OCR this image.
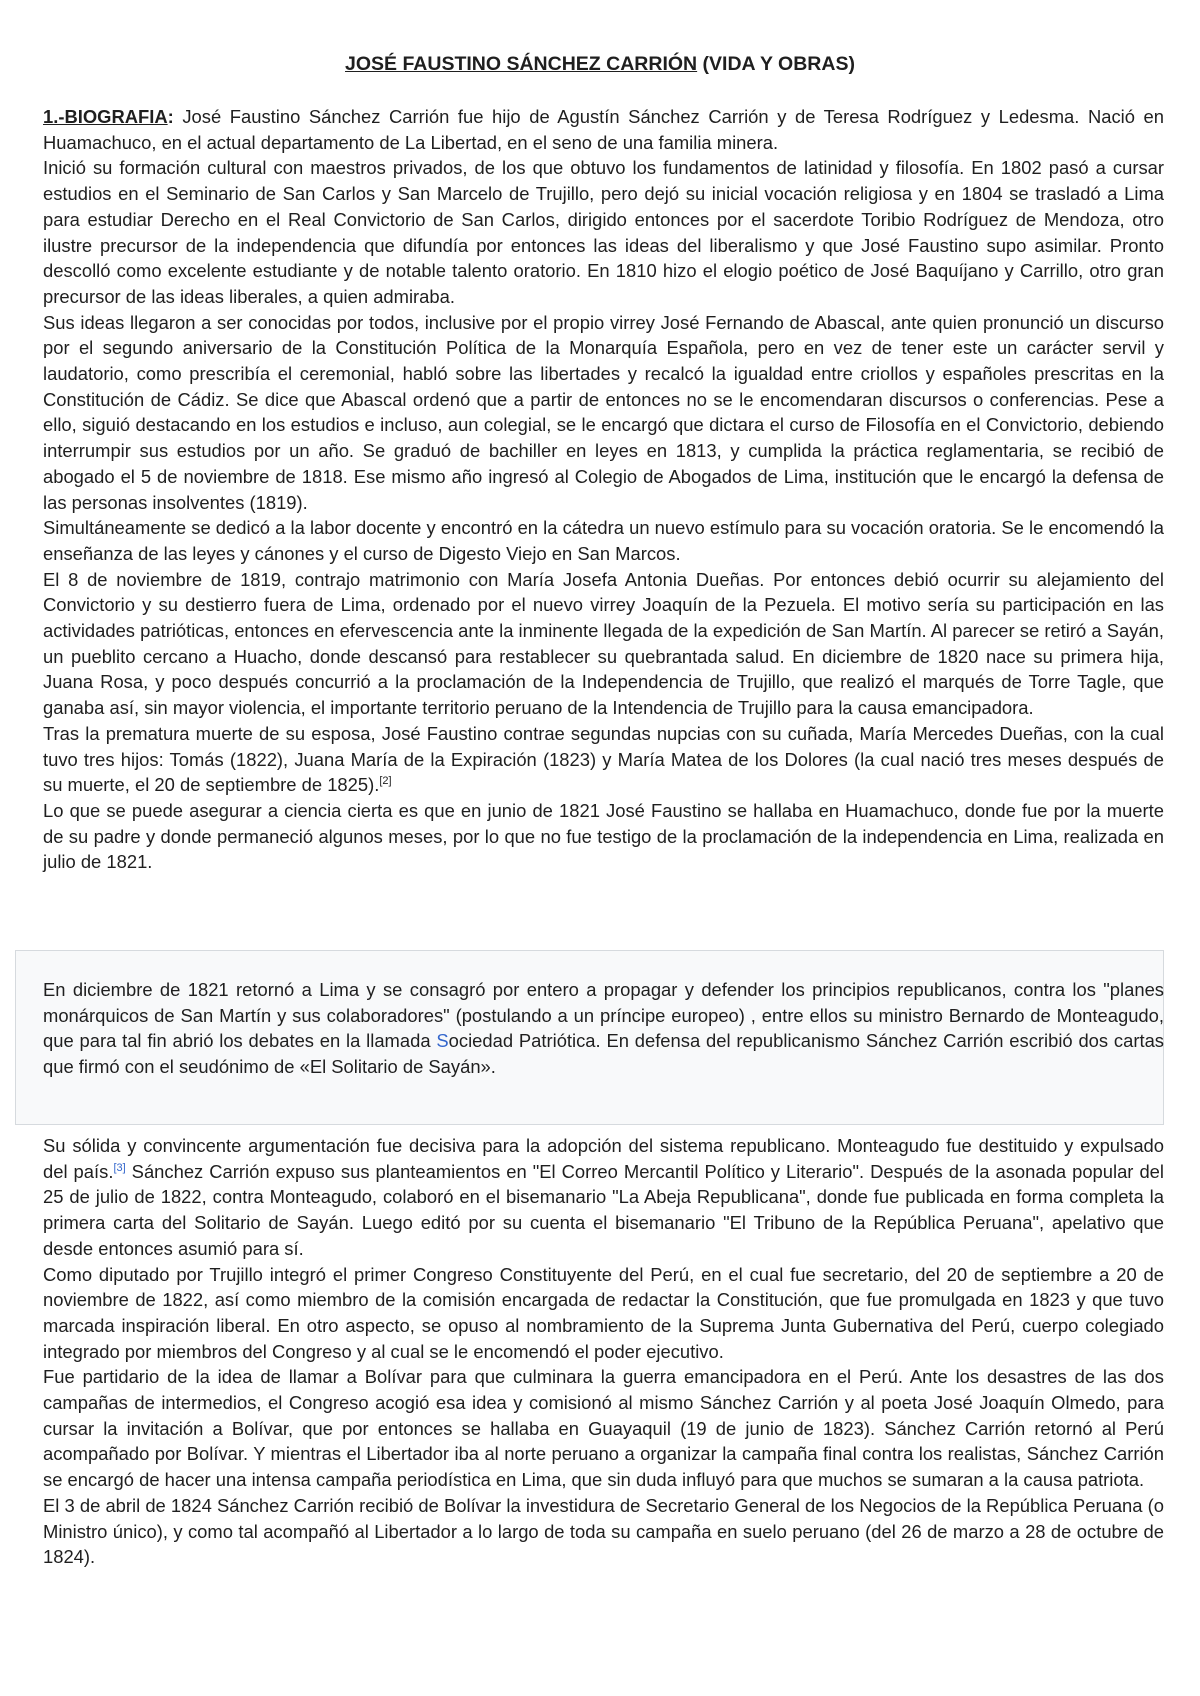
JOSÉ FAUSTINO SÁNCHEZ CARRIÓN (VIDA Y OBRAS)

1.-BIOGRAFIA: José Faustino Sánchez Carrión fue hijo de Agustín Sánchez Carrión y de Teresa Rodríguez y Ledesma. Nació en Huamachuco, en el actual departamento de La Libertad, en el seno de una familia minera.

Inició su formación cultural con maestros privados, de los que obtuvo los fundamentos de latinidad y filosofía. En 1802 pasó a cursar estudios en el Seminario de San Carlos y San Marcelo de Trujillo, pero dejó su inicial vocación religiosa y en 1804 se trasladó a Lima para estudiar Derecho en el Real Convictorio de San Carlos, dirigido entonces por el sacerdote Toribio Rodríguez de Mendoza, otro ilustre precursor de la independencia que difundía por entonces las ideas del liberalismo y que José Faustino supo asimilar. Pronto descolló como excelente estudiante y de notable talento oratorio. En 1810 hizo el elogio poético de José Baquíjano y Carrillo, otro gran precursor de las ideas liberales, a quien admiraba.

Sus ideas llegaron a ser conocidas por todos, inclusive por el propio virrey José Fernando de Abascal, ante quien pronunció un discurso por el segundo aniversario de la Constitución Política de la Monarquía Española, pero en vez de tener este un carácter servil y laudatorio, como prescribía el ceremonial, habló sobre las libertades y recalcó la igualdad entre criollos y españoles prescritas en la Constitución de Cádiz. Se dice que Abascal ordenó que a partir de entonces no se le encomendaran discursos o conferencias. Pese a ello, siguió destacando en los estudios e incluso, aun colegial, se le encargó que dictara el curso de Filosofía en el Convictorio, debiendo interrumpir sus estudios por un año. Se graduó de bachiller en leyes en 1813, y cumplida la práctica reglamentaria, se recibió de abogado el 5 de noviembre de 1818. Ese mismo año ingresó al Colegio de Abogados de Lima, institución que le encargó la defensa de las personas insolventes (1819).

Simultáneamente se dedicó a la labor docente y encontró en la cátedra un nuevo estímulo para su vocación oratoria. Se le encomendó la enseñanza de las leyes y cánones y el curso de Digesto Viejo en San Marcos.

El 8 de noviembre de 1819, contrajo matrimonio con María Josefa Antonia Dueñas. Por entonces debió ocurrir su alejamiento del Convictorio y su destierro fuera de Lima, ordenado por el nuevo virrey Joaquín de la Pezuela. El motivo sería su participación en las actividades patrióticas, entonces en efervescencia ante la inminente llegada de la expedición de San Martín. Al parecer se retiró a Sayán, un pueblito cercano a Huacho, donde descansó para restablecer su quebrantada salud. En diciembre de 1820 nace su primera hija, Juana Rosa, y poco después concurrió a la proclamación de la Independencia de Trujillo, que realizó el marqués de Torre Tagle, que ganaba así, sin mayor violencia, el importante territorio peruano de la Intendencia de Trujillo para la causa emancipadora.

Tras la prematura muerte de su esposa, José Faustino contrae segundas nupcias con su cuñada, María Mercedes Dueñas, con la cual tuvo tres hijos: Tomás (1822), Juana María de la Expiración (1823) y María Matea de los Dolores (la cual nació tres meses después de su muerte, el 20 de septiembre de 1825).[2]

Lo que se puede asegurar a ciencia cierta es que en junio de 1821 José Faustino se hallaba en Huamachuco, donde fue por la muerte de su padre y donde permaneció algunos meses, por lo que no fue testigo de la proclamación de la independencia en Lima, realizada en julio de 1821.

En diciembre de 1821 retornó a Lima y se consagró por entero a propagar y defender los principios republicanos, contra los "planes monárquicos de San Martín y sus colaboradores" (postulando a un príncipe europeo) , entre ellos su ministro Bernardo de Monteagudo, que para tal fin abrió los debates en la llamada Sociedad Patriótica. En defensa del republicanismo Sánchez Carrión escribió dos cartas que firmó con el seudónimo de «El Solitario de Sayán».

Su sólida y convincente argumentación fue decisiva para la adopción del sistema republicano. Monteagudo fue destituido y expulsado del país.[3] Sánchez Carrión expuso sus planteamientos en "El Correo Mercantil Político y Literario". Después de la asonada popular del 25 de julio de 1822, contra Monteagudo, colaboró en el bisemanario "La Abeja Republicana", donde fue publicada en forma completa la primera carta del Solitario de Sayán. Luego editó por su cuenta el bisemanario "El Tribuno de la República Peruana", apelativo que desde entonces asumió para sí.

Como diputado por Trujillo integró el primer Congreso Constituyente del Perú, en el cual fue secretario, del 20 de septiembre a 20 de noviembre de 1822, así como miembro de la comisión encargada de redactar la Constitución, que fue promulgada en 1823 y que tuvo marcada inspiración liberal. En otro aspecto, se opuso al nombramiento de la Suprema Junta Gubernativa del Perú, cuerpo colegiado integrado por miembros del Congreso y al cual se le encomendó el poder ejecutivo.

Fue partidario de la idea de llamar a Bolívar para que culminara la guerra emancipadora en el Perú. Ante los desastres de las dos campañas de intermedios, el Congreso acogió esa idea y comisionó al mismo Sánchez Carrión y al poeta José Joaquín Olmedo, para cursar la invitación a Bolívar, que por entonces se hallaba en Guayaquil (19 de junio de 1823). Sánchez Carrión retornó al Perú acompañado por Bolívar. Y mientras el Libertador iba al norte peruano a organizar la campaña final contra los realistas, Sánchez Carrión se encargó de hacer una intensa campaña periodística en Lima, que sin duda influyó para que muchos se sumaran a la causa patriota.

El 3 de abril de 1824 Sánchez Carrión recibió de Bolívar la investidura de Secretario General de los Negocios de la República Peruana (o Ministro único), y como tal acompañó al Libertador a lo largo de toda su campaña en suelo peruano (del 26 de marzo a 28 de octubre de 1824).
